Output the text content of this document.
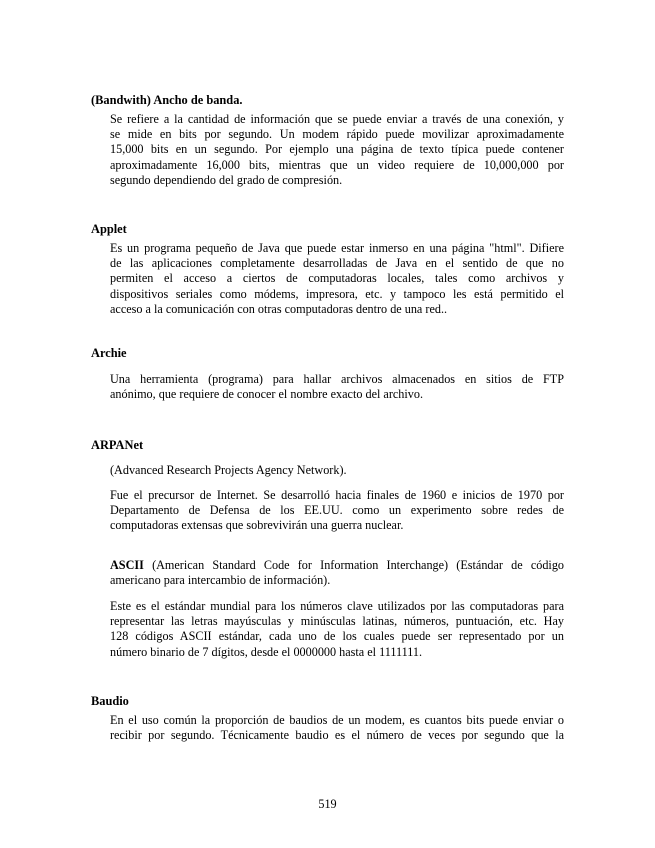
(Bandwith) Ancho de banda.
Se refiere a la cantidad de información que se puede enviar a través de una conexión, y
se mide en bits por segundo. Un modem rápido puede movilizar aproximadamente
15,000 bits en un segundo. Por ejemplo una página de texto típica puede contener
aproximadamente 16,000 bits, mientras que un video requiere de 10,000,000 por
segundo dependiendo del grado de compresión.
Applet
Es un programa pequeño de Java que puede estar inmerso en una página "html". Difiere
de las aplicaciones completamente desarrolladas de Java en el sentido de que no
permiten el acceso a ciertos de computadoras locales, tales como archivos y
dispositivos seriales como módems, impresora, etc. y tampoco les está permitido el
acceso a la comunicación con otras computadoras dentro de una red..
Archie
Una herramienta (programa) para hallar archivos almacenados en sitios de FTP
anónimo, que requiere de conocer el nombre exacto del archivo.
ARPANet
(Advanced Research Projects Agency Network).
Fue el precursor de Internet. Se desarrolló hacia finales de 1960 e inicios de 1970 por
Departamento de Defensa de los EE.UU. como un experimento sobre redes de
computadoras extensas que sobrevivirán una guerra nuclear.
ASCII (American Standard Code for Information Interchange) (Estándar de código
americano para intercambio de información).
Este es el estándar mundial para los números clave utilizados por las computadoras para
representar las letras mayúsculas y minúsculas latinas, números, puntuación, etc. Hay
128 códigos ASCII estándar, cada uno de los cuales puede ser representado por un
número binario de 7 dígitos, desde el 0000000 hasta el 1111111.
Baudio
En el uso común la proporción de baudios de un modem, es cuantos bits puede enviar o
recibir por segundo. Técnicamente baudio es el número de veces por segundo que la
519
